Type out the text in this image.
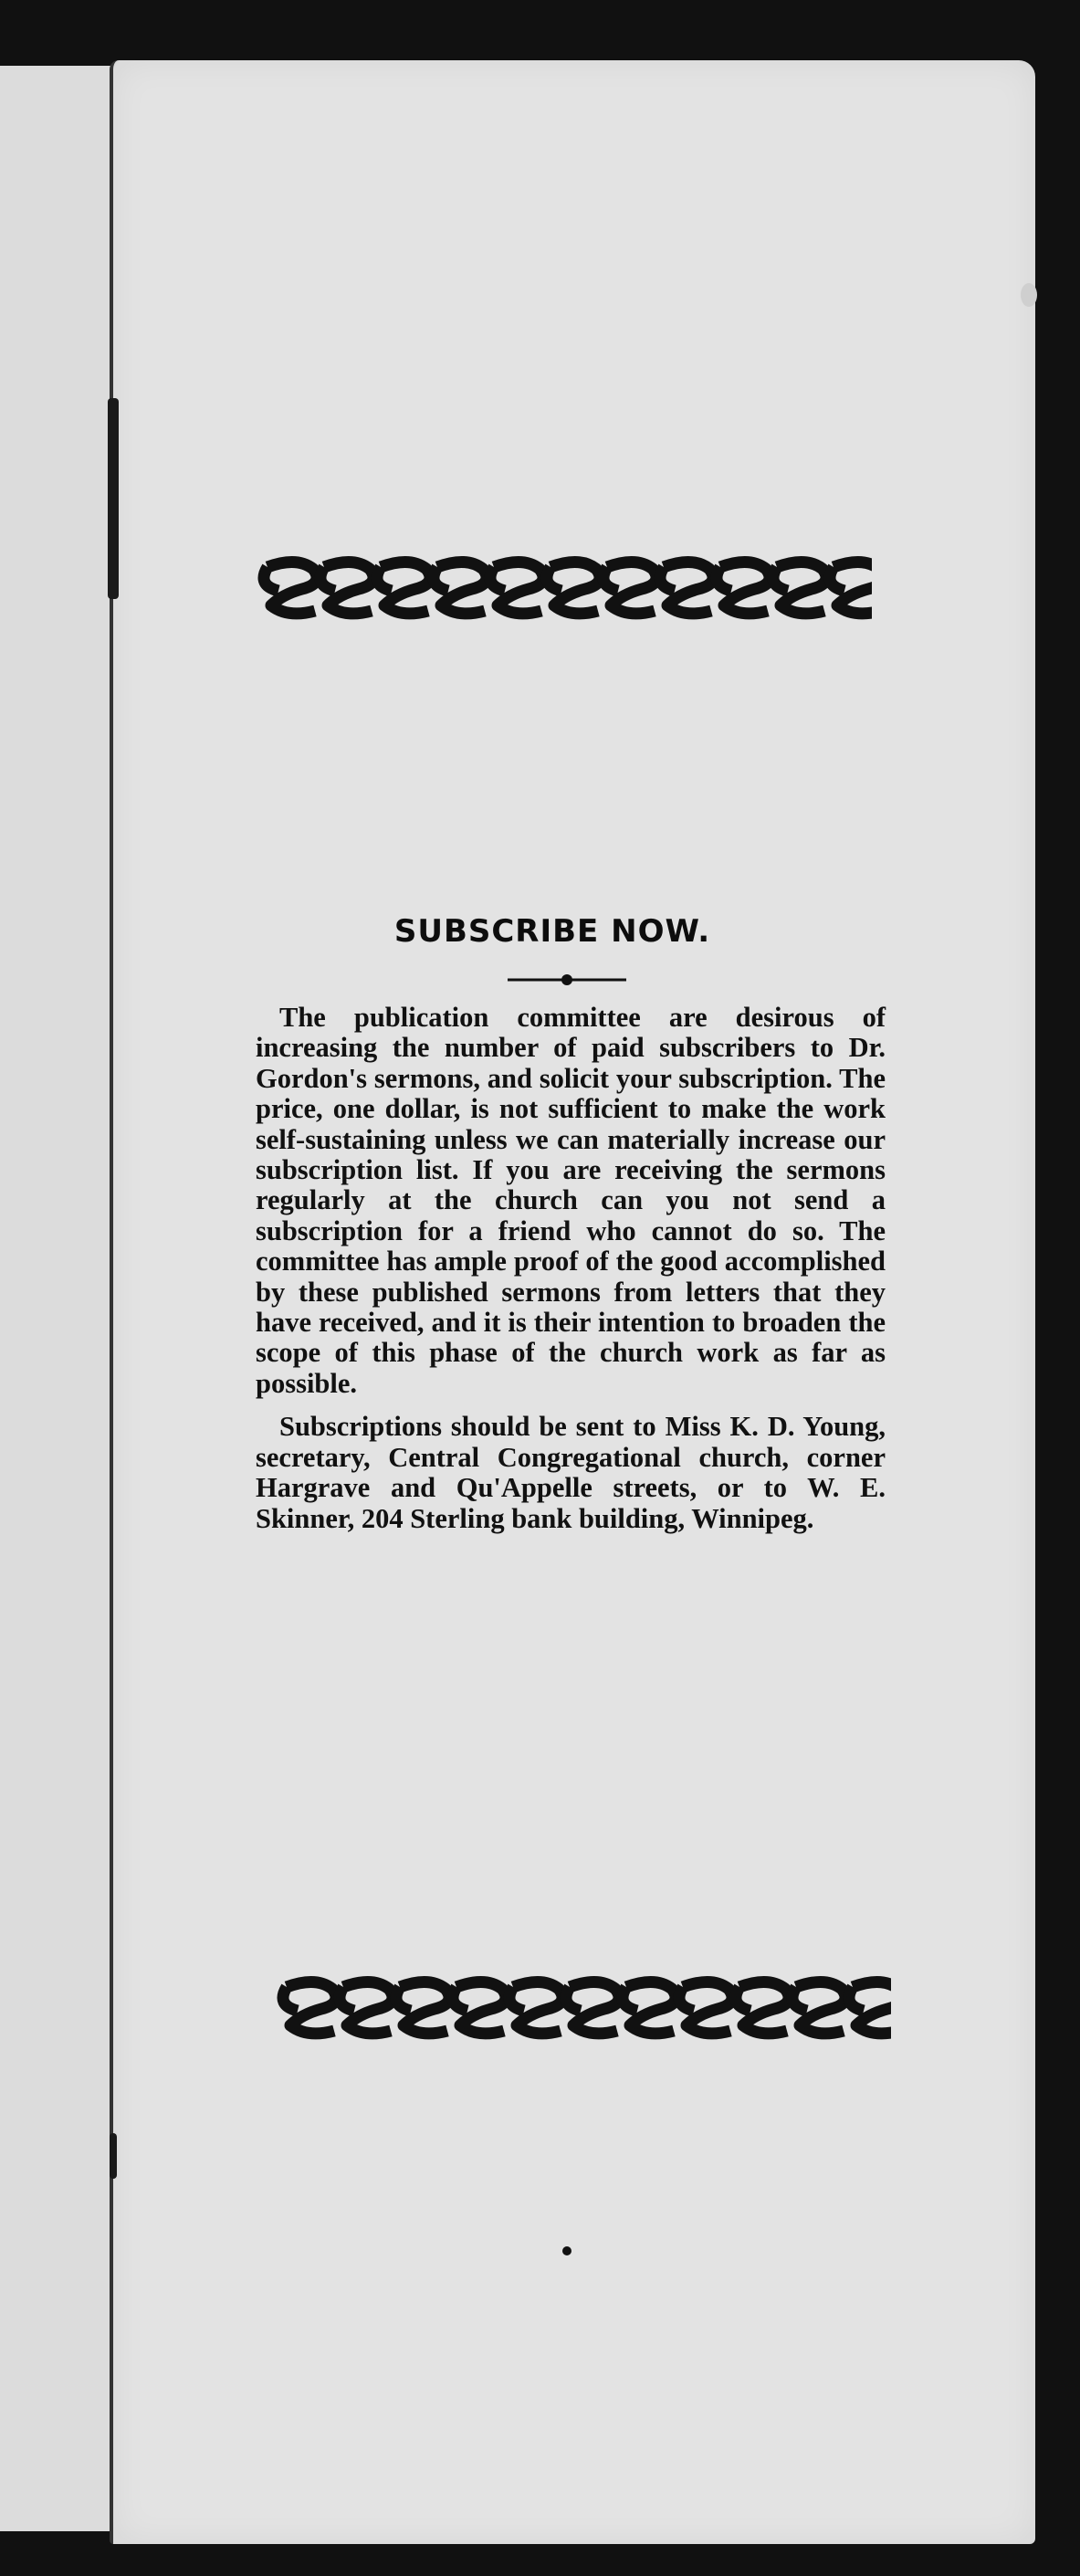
SUBSCRIBE NOW.

The publication committee are desirous of increasing the number of paid subscribers to Dr. Gordon's sermons, and solicit your subscription. The price, one dollar, is not sufficient to make the work self-sustaining unless we can materially increase our subscription list. If you are receiving the sermons regularly at the church can you not send a subscription for a friend who cannot do so. The committee has ample proof of the good accomplished by these published sermons from letters that they have received, and it is their intention to broaden the scope of this phase of the church work as far as possible.

Subscriptions should be sent to Miss K. D. Young, secretary, Central Congregational church, corner Hargrave and Qu'Appelle streets, or to W. E. Skinner, 204 Sterling bank building, Winnipeg.
